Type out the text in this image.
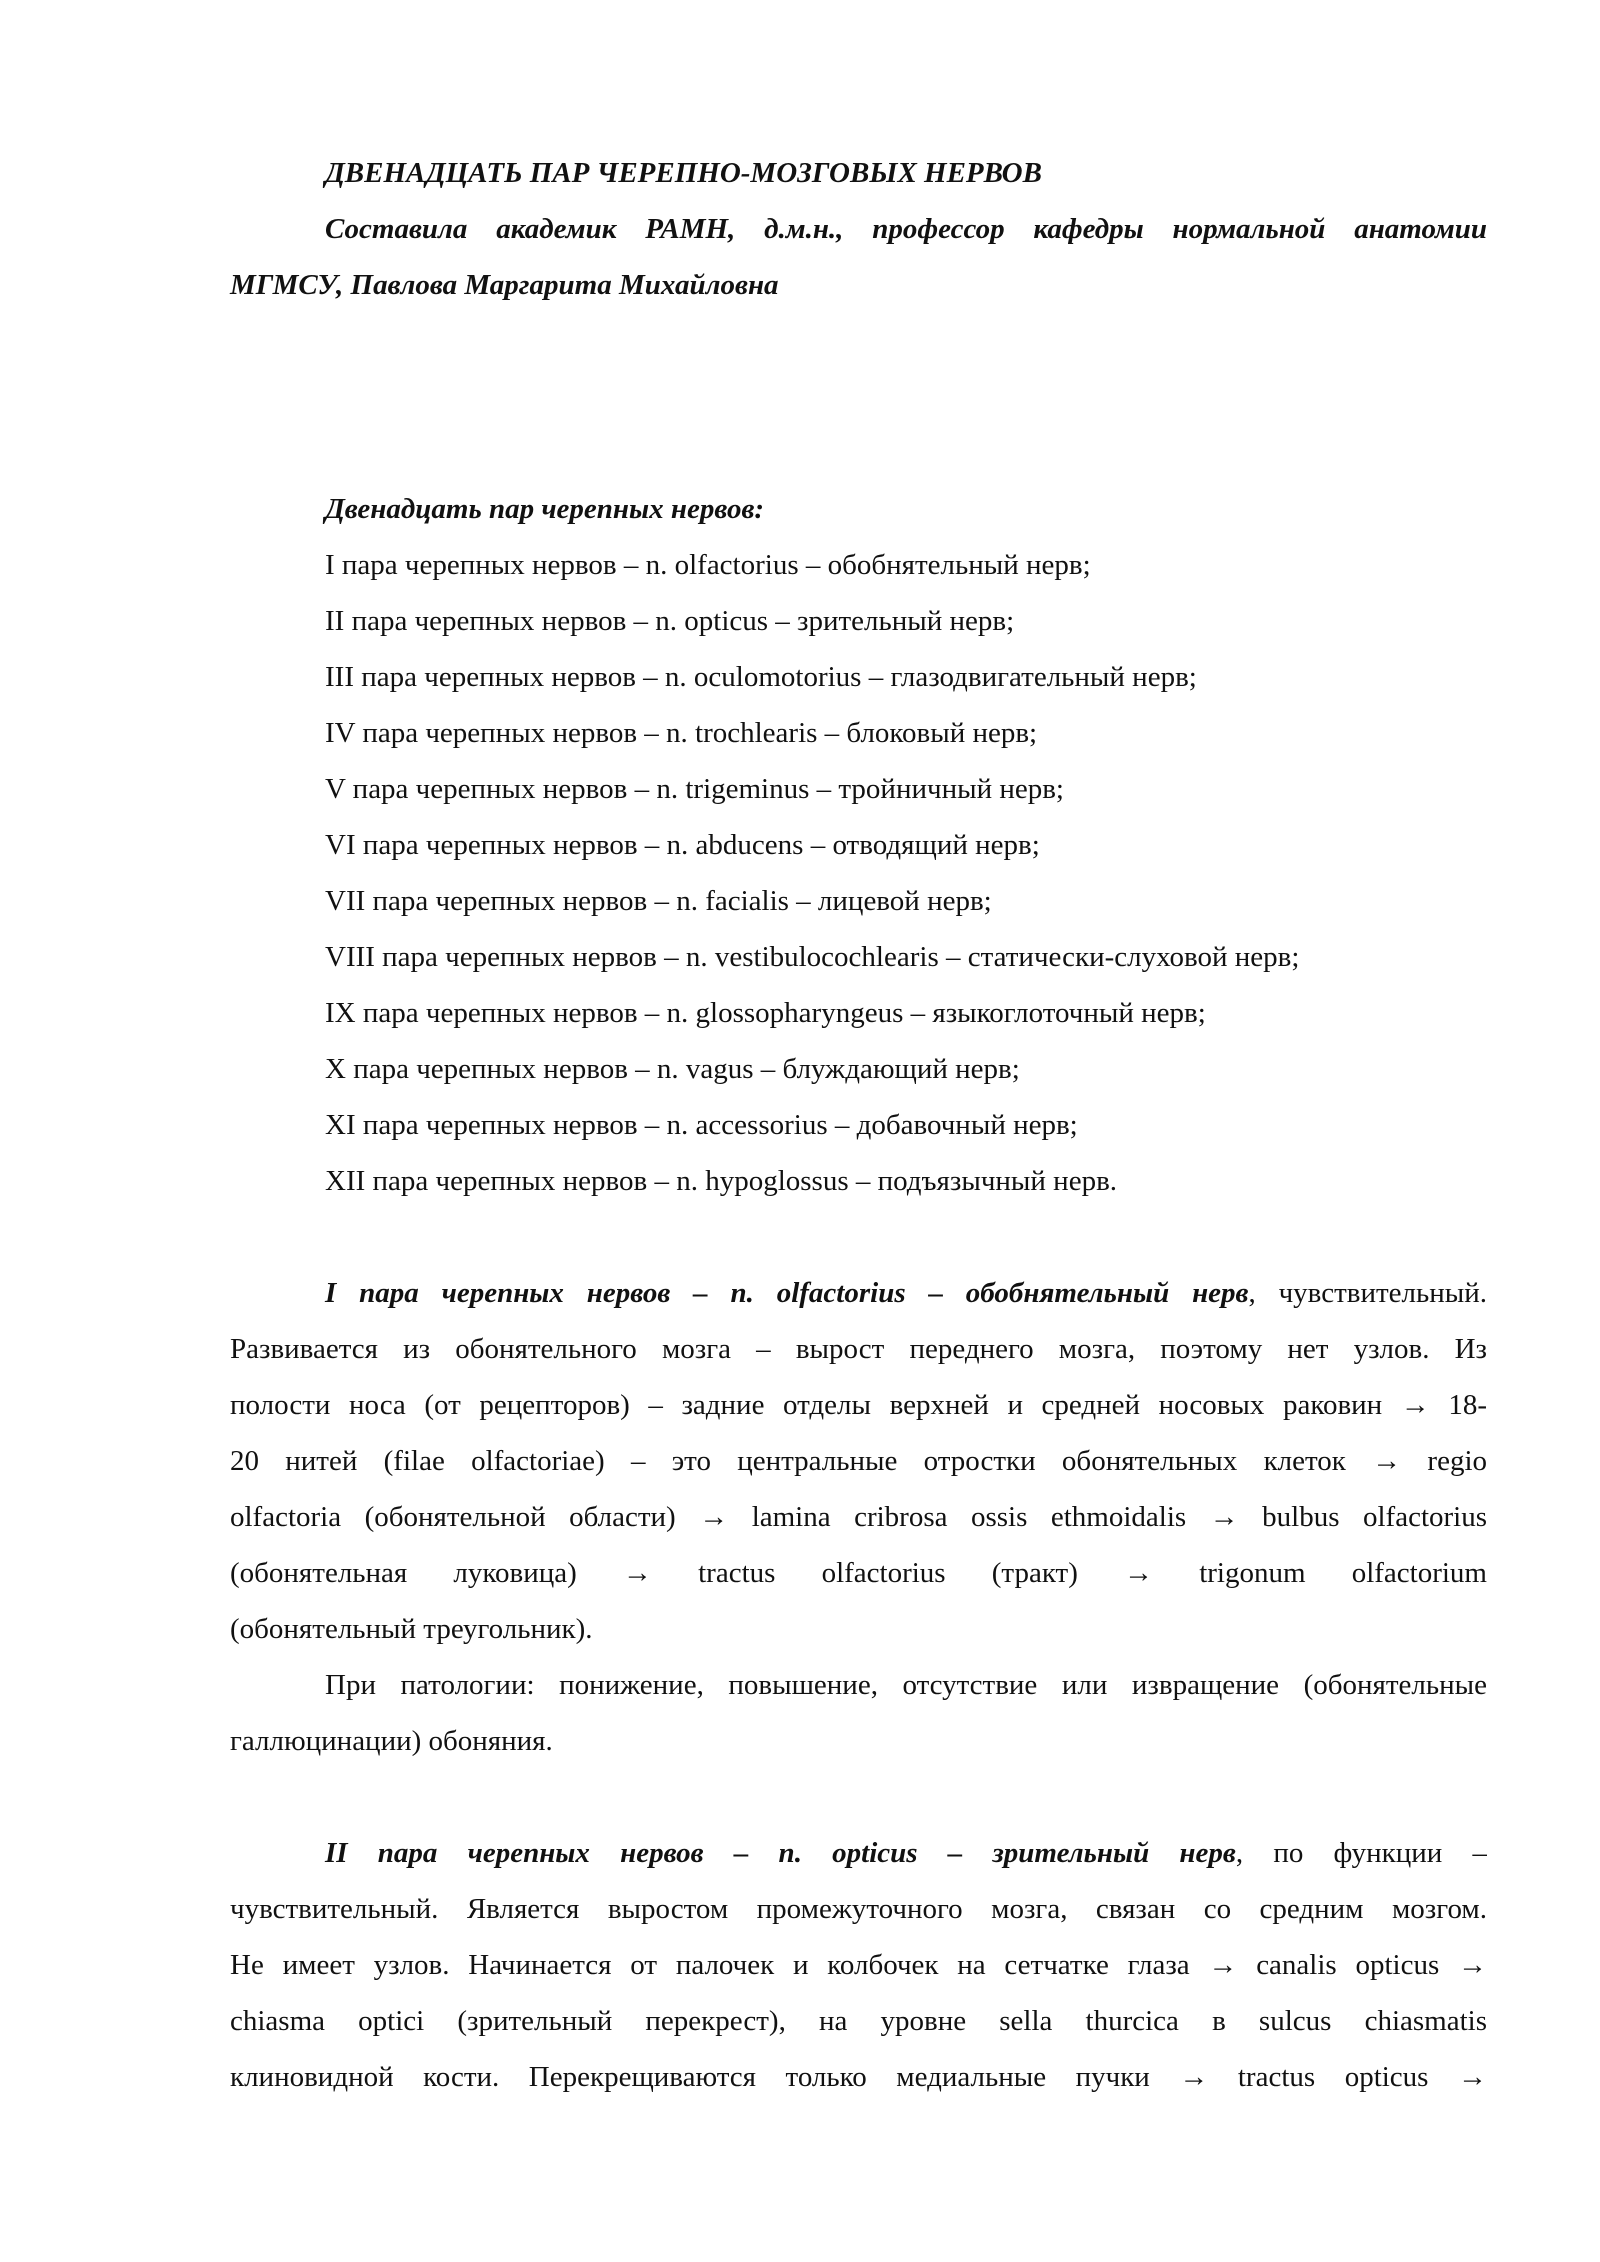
ДВЕНАДЦАТЬ ПАР ЧЕРЕПНО-МОЗГОВЫХ НЕРВОВ
Составила академик РАМН, д.м.н., профессор кафедры нормальной анатомии
МГМСУ, Павлова Маргарита Михайловна
Двенадцать пар черепных нервов:
I пара черепных нервов – n. olfactorius – обобнятельный нерв;
II пара черепных нервов – n. opticus – зрительный нерв;
III пара черепных нервов – n. oculomotorius – глазодвигательный нерв;
IV пара черепных нервов – n. trochlearis – блоковый нерв;
V пара черепных нервов – n. trigeminus – тройничный нерв;
VI пара черепных нервов – n. abducens – отводящий нерв;
VII пара черепных нервов – n. facialis – лицевой нерв;
VIII пара черепных нервов – n. vestibulocochlearis – статически-слуховой нерв;
IX пара черепных нервов – n. glossopharyngeus – языкоглоточный нерв;
X пара черепных нервов – n. vagus – блуждающий нерв;
XI пара черепных нервов – n. accessorius – добавочный нерв;
XII пара черепных нервов – n. hypoglossus – подъязычный нерв.
I пара черепных нервов – n. olfactorius – обобнятельный нерв, чувствительный.
Развивается из обонятельного мозга – вырост переднего мозга, поэтому нет узлов. Из
полости носа (от рецепторов) – задние отделы верхней и средней носовых раковин → 18-
20 нитей (filae olfactoriae) – это центральные отростки обонятельных клеток → regio
olfactoria (обонятельной области) → lamina cribrosa ossis ethmoidalis → bulbus olfactorius
(обонятельная луковица) → tractus olfactorius (тракт) → trigonum olfactorium
(обонятельный треугольник).
При патологии: понижение, повышение, отсутствие или извращение (обонятельные
галлюцинации) обоняния.
II пара черепных нервов – n. opticus – зрительный нерв, по функции –
чувствительный. Является выростом промежуточного мозга, связан со средним мозгом.
Не имеет узлов. Начинается от палочек и колбочек на сетчатке глаза → canalis opticus →
chiasma optici (зрительный перекрест), на уровне sella thurcica в sulcus chiasmatis
клиновидной кости. Перекрещиваются только медиальные пучки → tractus opticus →
